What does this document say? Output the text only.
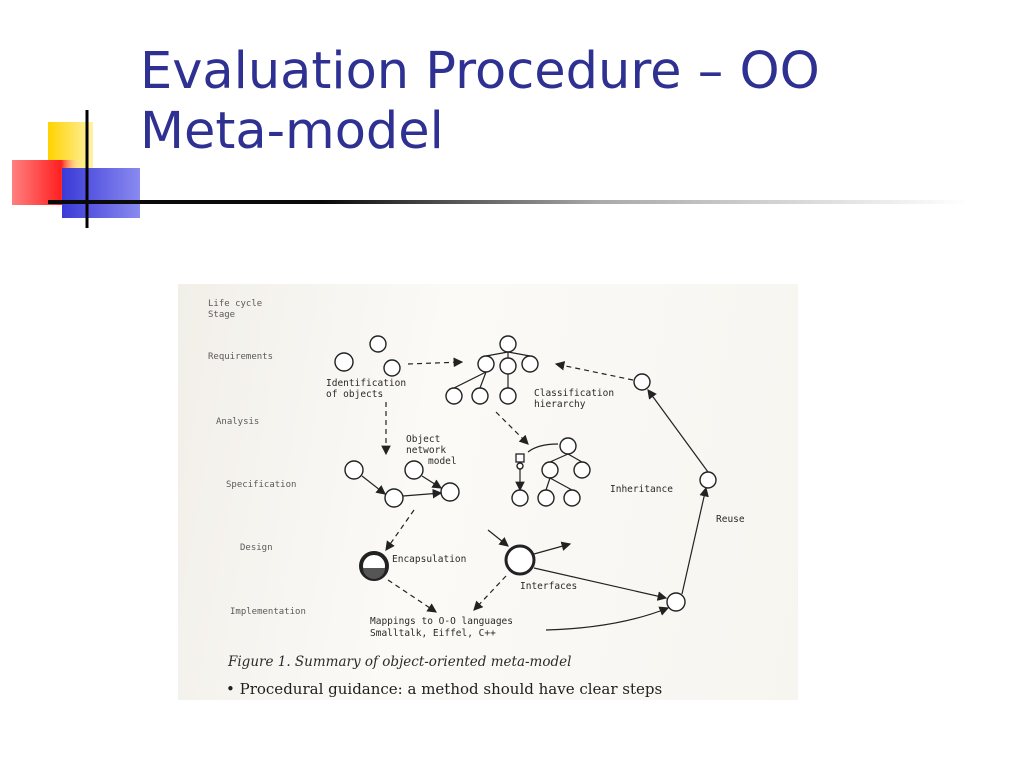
Evaluation Procedure – OO
Meta-model
Life cycle
Stage
Requirements
Analysis
Specification
Design
Implementation
Identification
of objects	Classification
hierarchy
Object
network
model
Inheritance
Reuse
Encapsulation
Interfaces
Mappings to O-O languages
Smalltalk, Eiffel, C++
Figure 1. Summary of object-oriented meta-model
• Procedural guidance: a method should have clear steps
